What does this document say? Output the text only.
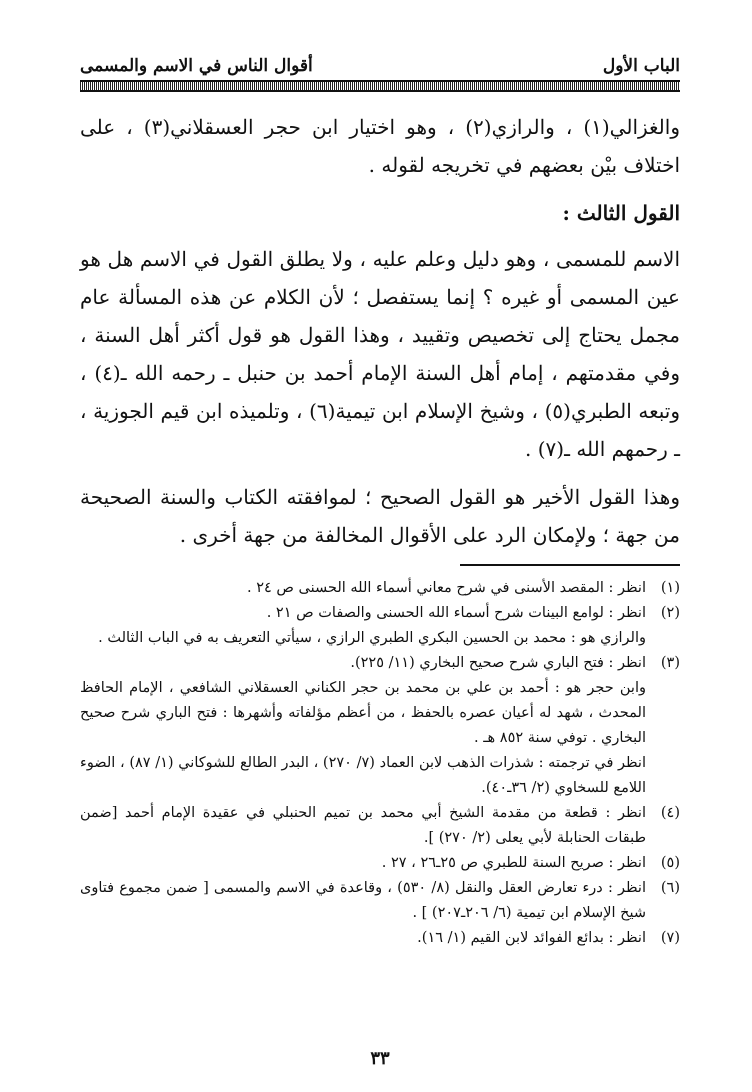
الباب الأول
أقوال الناس في الاسم والمسمى

والغزالي(١) ، والرازي(٢) ، وهو اختيار ابن حجر العسقلاني(٣) ، على اختلاف بيْن بعضهم في تخريجه لقوله .

القول الثالث :

الاسم للمسمى ، وهو دليل وعلم عليه ، ولا يطلق القول في الاسم هل هو عين المسمى أو غيره ؟ إنما يستفصل ؛ لأن الكلام عن هذه المسألة عام مجمل يحتاج إلى تخصيص وتقييد ، وهذا القول هو قول أكثر أهل السنة ، وفي مقدمتهم ، إمام أهل السنة الإمام أحمد بن حنبل ـ رحمه الله ـ(٤) ، وتبعه الطبري(٥) ، وشيخ الإسلام ابن تيمية(٦) ، وتلميذه ابن قيم الجوزية ، ـ رحمهم الله ـ(٧) .

وهذا القول الأخير هو القول الصحيح ؛ لموافقته الكتاب والسنة الصحيحة من جهة ؛ ولإمكان الرد على الأقوال المخالفة من جهة أخرى .

(١)
انظر : المقصد الأسنى في شرح معاني أسماء الله الحسنى ص ٢٤ .
(٢)
انظر : لوامع البينات شرح أسماء الله الحسنى والصفات ص ٢١ .
والرازي هو : محمد بن الحسين البكري الطبري الرازي ، سيأتي التعريف به في الباب الثالث .
(٣)
انظر : فتح الباري شرح صحيح البخاري (١١/ ٢٢٥).
وابن حجر هو : أحمد بن علي بن محمد بن حجر الكناني العسقلاني الشافعي ، الإمام الحافظ المحدث ، شهد له أعيان عصره بالحفظ ، من أعظم مؤلفاته وأشهرها : فتح الباري شرح صحيح البخاري . توفي سنة ٨٥٢ هـ .
انظر في ترجمته : شذرات الذهب لابن العماد (٧/ ٢٧٠) ، البدر الطالع للشوكاني (١/ ٨٧) ، الضوء اللامع للسخاوي (٢/ ٣٦ـ٤٠).
(٤)
انظر : قطعة من مقدمة الشيخ أبي محمد بن تميم الحنبلي في عقيدة الإمام أحمد [ضمن طبقات الحنابلة لأبي يعلى (٢/ ٢٧٠) ].
(٥)
انظر : صريح السنة للطبري ص ٢٥ـ٢٦ ، ٢٧ .
(٦)
انظر : درء تعارض العقل والنقل (٨/ ٥٣٠) ، وقاعدة في الاسم والمسمى [ ضمن مجموع فتاوى شيخ الإسلام ابن تيمية (٦/ ٢٠٦ـ٢٠٧) ] .
(٧)
انظر : بدائع الفوائد لابن القيم (١/ ١٦).
٣٣
